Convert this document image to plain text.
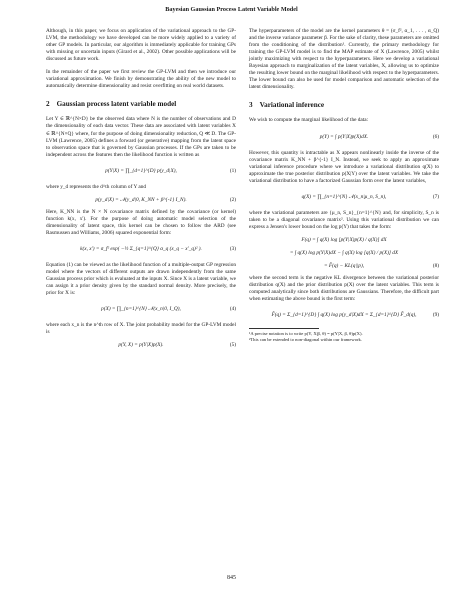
Bayesian Gaussian Process Latent Variable Model

Although, in this paper, we focus on application of the variational approach to the GP-LVM, the methodology we have developed can be more widely applied to a variety of other GP models. In particular, our algorithm is immediately applicable for training GPs with missing or uncertain inputs (Girard et al., 2002). Other possible applications will be discussed as future work.

In the remainder of the paper we first review the GP-LVM and then we introduce our variational approximation. We finish by demonstrating the ability of the new model to automatically determine dimensionality and resist overfitting on real world datasets.

2 Gaussian process latent variable model

Let Y ∈ ℝ^{N×D} be the observed data where N is the number of observations and D the dimensionality of each data vector. These data are associated with latent variables X ∈ ℝ^{N×Q} where, for the purpose of doing dimensionality reduction, Q ≪ D. The GP-LVM (Lawrence, 2005) defines a forward (or generative) mapping from the latent space to observation space that is governed by Gaussian processes. If the GPs are taken to be independent across the features then the likelihood function is written as

p(Y|X) = ∏_{d=1}^{D} p(y_d|X),	(1)

where y_d represents the d^th column of Y and

p(y_d|X) = 𝒩(y_d|0, K_NN + β^{-1} I_N).	(2)

Here, K_NN is the N × N covariance matrix defined by the covariance (or kernel) function k(x, x'). For the purpose of doing automatic model selection of the dimensionality of latent space, this kernel can be chosen to follow the ARD (see Rasmussen and Williams, 2006) squared exponential form:

k(x, x') = σ_f² exp( −½ Σ_{q=1}^{Q} α_q (x_q − x'_q)² ).	(3)

Equation (1) can be viewed as the likelihood function of a multiple-output GP regression model where the vectors of different outputs are drawn independently from the same Gaussian process prior which is evaluated at the inputs X. Since X is a latent variable, we can assign it a prior density given by the standard normal density. More precisely, the prior for X is:

p(X) = ∏_{n=1}^{N} 𝒩(x_n|0, I_Q),	(4)

where each x_n is the n^th row of X. The joint probability model for the GP-LVM model is

p(Y, X) = p(Y|X)p(X).	(5)

The hyperparameters of the model are the kernel parameters θ = (σ_f², α_1, . . . , α_Q) and the inverse variance parameter β. For the sake of clarity, these parameters are omitted from the conditioning of the distribution¹. Currently, the primary methodology for training the GP-LVM model is to find the MAP estimate of X (Lawrence, 2005) whilst jointly maximizing with respect to the hyperparameters. Here we develop a variational Bayesian approach to marginalization of the latent variables, X, allowing us to optimize the resulting lower bound on the marginal likelihood with respect to the hyperparameters. The lower bound can also be used for model comparison and automatic selection of the latent dimensionality.

3 Variational inference

We wish to compute the marginal likelihood of the data:

p(Y) = ∫ p(Y|X)p(X)dX.	(6)

However, this quantity is intractable as X appears nonlinearly inside the inverse of the covariance matrix K_NN + β^{-1} I_N. Instead, we seek to apply an approximate variational inference procedure where we introduce a variational distribution q(X) to approximate the true posterior distribution p(X|Y) over the latent variables. We take the variational distribution to have a factorized Gaussian form over the latent variables,

q(X) = ∏_{n=1}^{N} 𝒩(x_n|μ_n, S_n),	(7)

where the variational parameters are {μ_n, S_n}_{n=1}^{N} and, for simplicity, S_n is taken to be a diagonal covariance matrix². Using this variational distribution we can express a Jensen's lower bound on the log p(Y) that takes the form:

F(q) = ∫ q(X) log [p(Y|X)p(X) / q(X)] dX
= ∫ q(X) log p(Y|X)dX − ∫ q(X) log [q(X) / p(X)] dX
= F̃(q) − KL(q||p),	(8)

where the second term is the negative KL divergence between the variational posterior distribution q(X) and the prior distribution p(X) over the latent variables. This term is computed analytically since both distributions are Gaussians. Therefore, the difficult part when estimating the above bound is the first term:

F̃(q) = Σ_{d=1}^{D} ∫ q(X) log p(y_d|X)dX = Σ_{d=1}^{D} F̃_d(q),	(9)

¹A precise notation is to write p(Y, X|β, θ) = p(Y|X, β, θ)p(X).

²This can be extended to non-diagonal within our framework.

845
